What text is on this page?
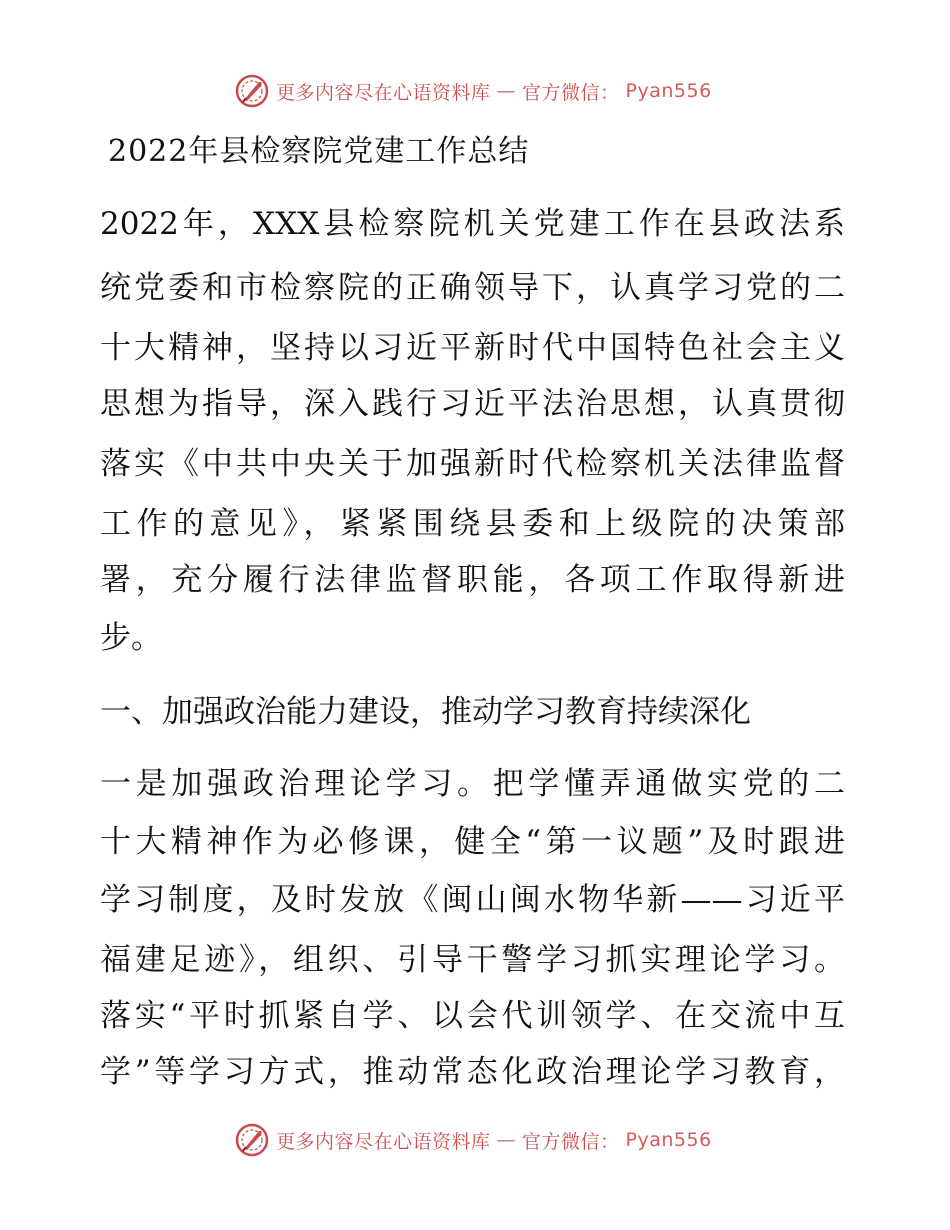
更多内容尽在心语资料库 — 官方微信： Pyan556
2022年县检察院党建工作总结
2022年，XXX县检察院机关党建工作在县政法系
统党委和市检察院的正确领导下，认真学习党的二
十大精神，坚持以习近平新时代中国特色社会主义
思想为指导，深入践行习近平法治思想，认真贯彻
落实《中共中央关于加强新时代检察机关法律监督
工作的意见》，紧紧围绕县委和上级院的决策部
署，充分履行法律监督职能，各项工作取得新进
步。
一、加强政治能力建设，推动学习教育持续深化
一是加强政治理论学习。把学懂弄通做实党的二
十大精神作为必修课，健全“第一议题”及时跟进
学习制度，及时发放《闽山闽水物华新——习近平
福建足迹》，组织、引导干警学习抓实理论学习。
落实“平时抓紧自学、以会代训领学、在交流中互
学”等学习方式，推动常态化政治理论学习教育，
更多内容尽在心语资料库 — 官方微信： Pyan556
